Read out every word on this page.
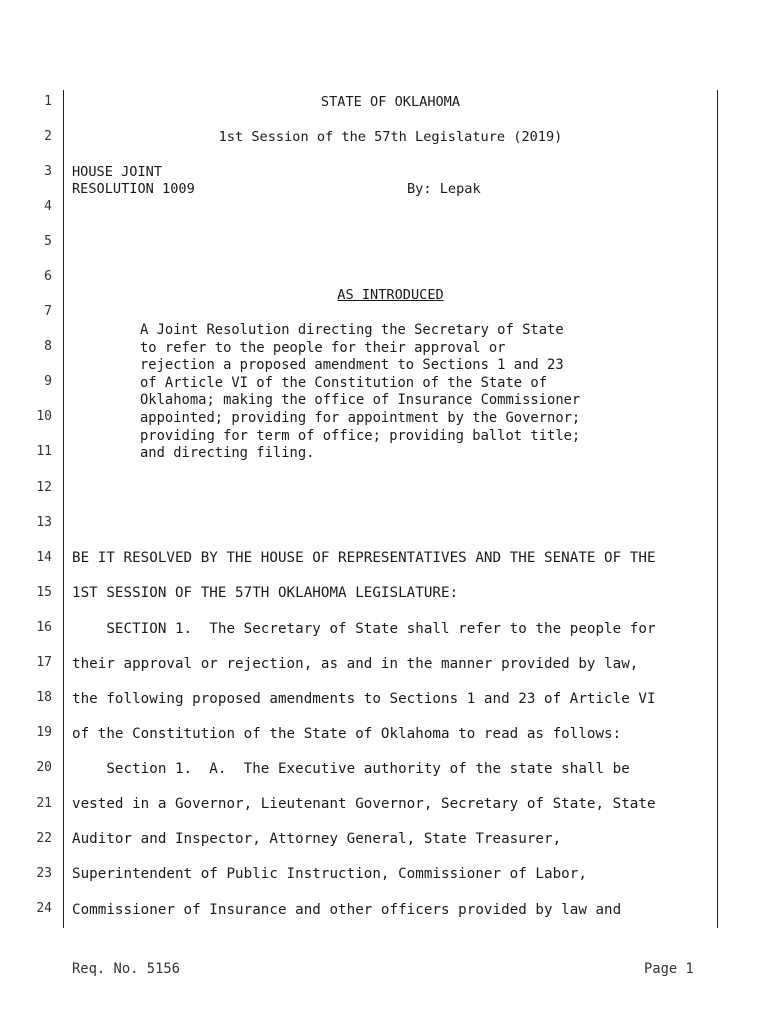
1
2
3
4
5
6
7
8
9
10
11
12
13
14
15
16
17
18
19
20
21
22
23
24
STATE OF OKLAHOMA
1st Session of the 57th Legislature (2019)
HOUSE JOINT
RESOLUTION 1009	By: Lepak
AS INTRODUCED
A Joint Resolution directing the Secretary of State
to refer to the people for their approval or
rejection a proposed amendment to Sections 1 and 23
of Article VI of the Constitution of the State of
Oklahoma; making the office of Insurance Commissioner
appointed; providing for appointment by the Governor;
providing for term of office; providing ballot title;
and directing filing.
BE IT RESOLVED BY THE HOUSE OF REPRESENTATIVES AND THE SENATE OF THE
1ST SESSION OF THE 57TH OKLAHOMA LEGISLATURE:
SECTION 1.  The Secretary of State shall refer to the people for
their approval or rejection, as and in the manner provided by law,
the following proposed amendments to Sections 1 and 23 of Article VI
of the Constitution of the State of Oklahoma to read as follows:
Section 1.  A.  The Executive authority of the state shall be
vested in a Governor, Lieutenant Governor, Secretary of State, State
Auditor and Inspector, Attorney General, State Treasurer,
Superintendent of Public Instruction, Commissioner of Labor,
Commissioner of Insurance and other officers provided by law and
Req. No. 5156	Page 1
